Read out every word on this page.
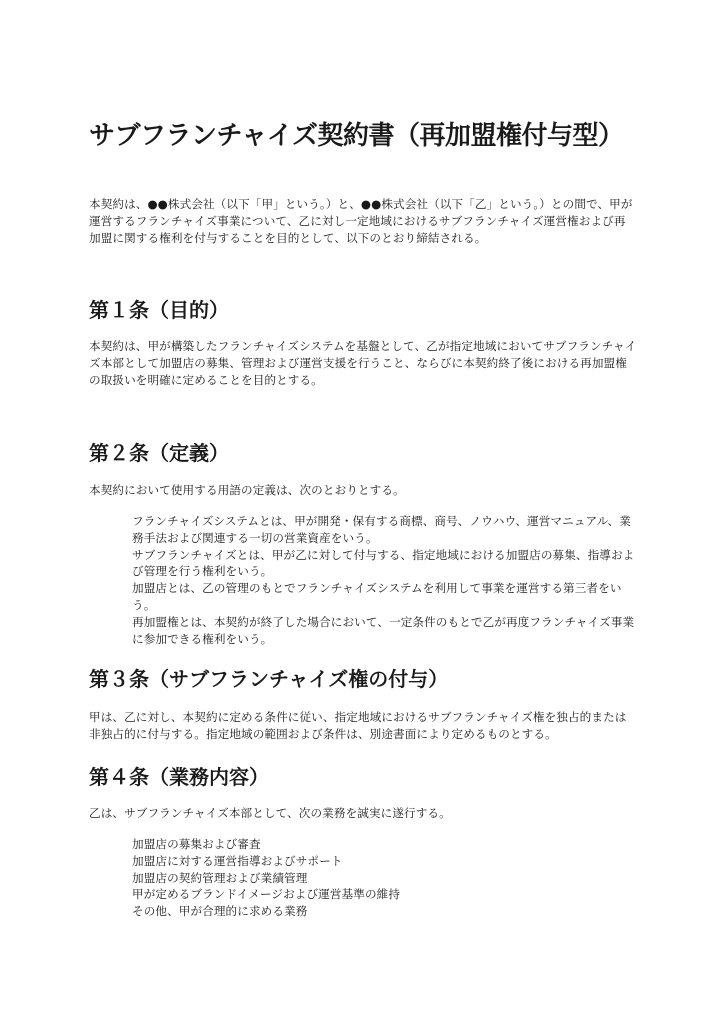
サブフランチャイズ契約書（再加盟権付与型）

本契約は、●●株式会社（以下「甲」という。）と、●●株式会社（以下「乙」という。）との間で、甲が運営するフランチャイズ事業について、乙に対し一定地域におけるサブフランチャイズ運営権および再加盟に関する権利を付与することを目的として、以下のとおり締結される。

第１条（目的）

本契約は、甲が構築したフランチャイズシステムを基盤として、乙が指定地域においてサブフランチャイズ本部として加盟店の募集、管理および運営支援を行うこと、ならびに本契約終了後における再加盟権の取扱いを明確に定めることを目的とする。

第２条（定義）

本契約において使用する用語の定義は、次のとおりとする。

フランチャイズシステムとは、甲が開発・保有する商標、商号、ノウハウ、運営マニュアル、業務手法および関連する一切の営業資産をいう。
サブフランチャイズとは、甲が乙に対して付与する、指定地域における加盟店の募集、指導および管理を行う権利をいう。
加盟店とは、乙の管理のもとでフランチャイズシステムを利用して事業を運営する第三者をいう。
再加盟権とは、本契約が終了した場合において、一定条件のもとで乙が再度フランチャイズ事業に参加できる権利をいう。
第３条（サブフランチャイズ権の付与）

甲は、乙に対し、本契約に定める条件に従い、指定地域におけるサブフランチャイズ権を独占的または非独占的に付与する。指定地域の範囲および条件は、別途書面により定めるものとする。

第４条（業務内容）

乙は、サブフランチャイズ本部として、次の業務を誠実に遂行する。

加盟店の募集および審査
加盟店に対する運営指導およびサポート
加盟店の契約管理および業績管理
甲が定めるブランドイメージおよび運営基準の維持
その他、甲が合理的に求める業務
